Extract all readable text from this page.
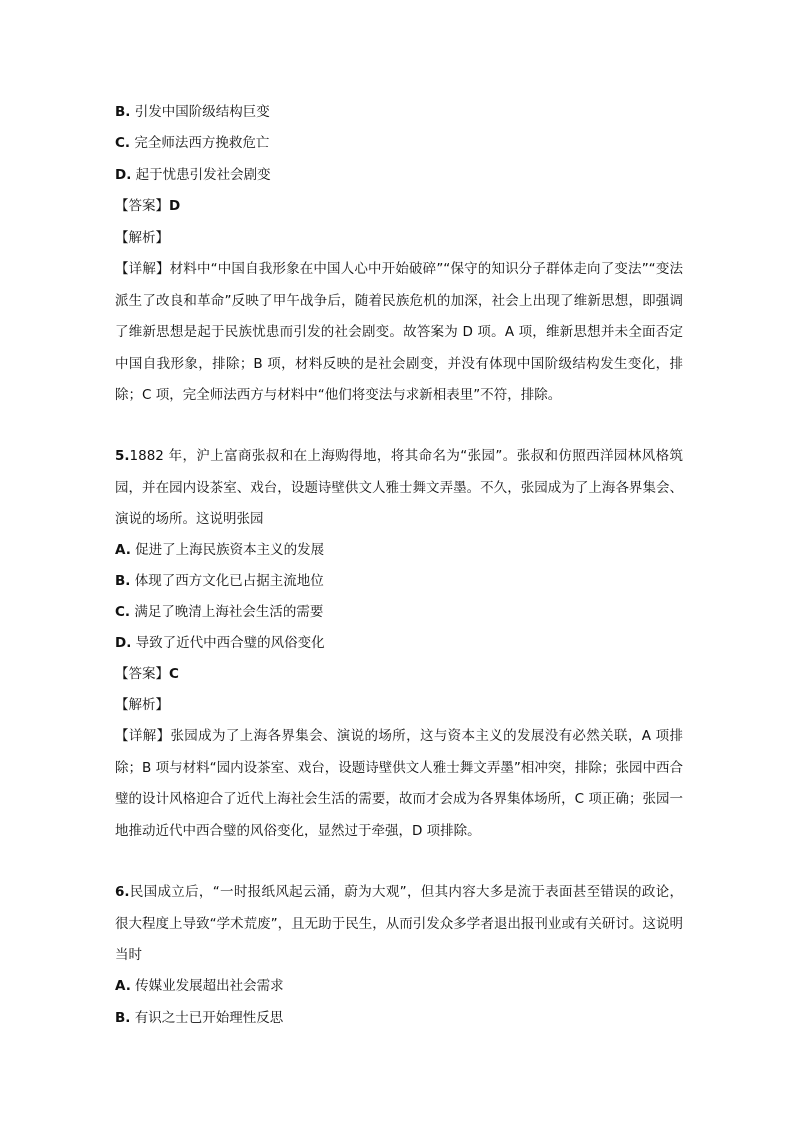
B. 引发中国阶级结构巨变
C. 完全师法西方挽救危亡
D. 起于忧患引发社会剧变
【答案】D
【解析】
【详解】材料中“中国自我形象在中国人心中开始破碎”“保守的知识分子群体走向了变法”“变法派生了改良和革命”反映了甲午战争后，随着民族危机的加深，社会上出现了维新思想，即强调了维新思想是起于民族忧患而引发的社会剧变。故答案为 D 项。A 项，维新思想并未全面否定中国自我形象，排除；B 项，材料反映的是社会剧变，并没有体现中国阶级结构发生变化，排除；C 项，完全师法西方与材料中“他们将变法与求新相表里”不符，排除。
5.1882 年，沪上富商张叔和在上海购得地，将其命名为“张园”。张叔和仿照西洋园林风格筑园，并在园内设茶室、戏台，设题诗壁供文人雅士舞文弄墨。不久，张园成为了上海各界集会、演说的场所。这说明张园
A. 促进了上海民族资本主义的发展
B. 体现了西方文化已占据主流地位
C. 满足了晚清上海社会生活的需要
D. 导致了近代中西合璧的风俗变化
【答案】C
【解析】
【详解】张园成为了上海各界集会、演说的场所，这与资本主义的发展没有必然关联，A 项排除；B 项与材料“园内设茶室、戏台，设题诗壁供文人雅士舞文弄墨”相冲突，排除；张园中西合璧的设计风格迎合了近代上海社会生活的需要，故而才会成为各界集体场所，C 项正确；张园一地推动近代中西合璧的风俗变化，显然过于牵强，D 项排除。
6.民国成立后，“一时报纸风起云涌，蔚为大观”，但其内容大多是流于表面甚至错误的政论，很大程度上导致“学术荒废”，且无助于民生，从而引发众多学者退出报刊业或有关研讨。这说明当时
A. 传媒业发展超出社会需求
B. 有识之士已开始理性反思
